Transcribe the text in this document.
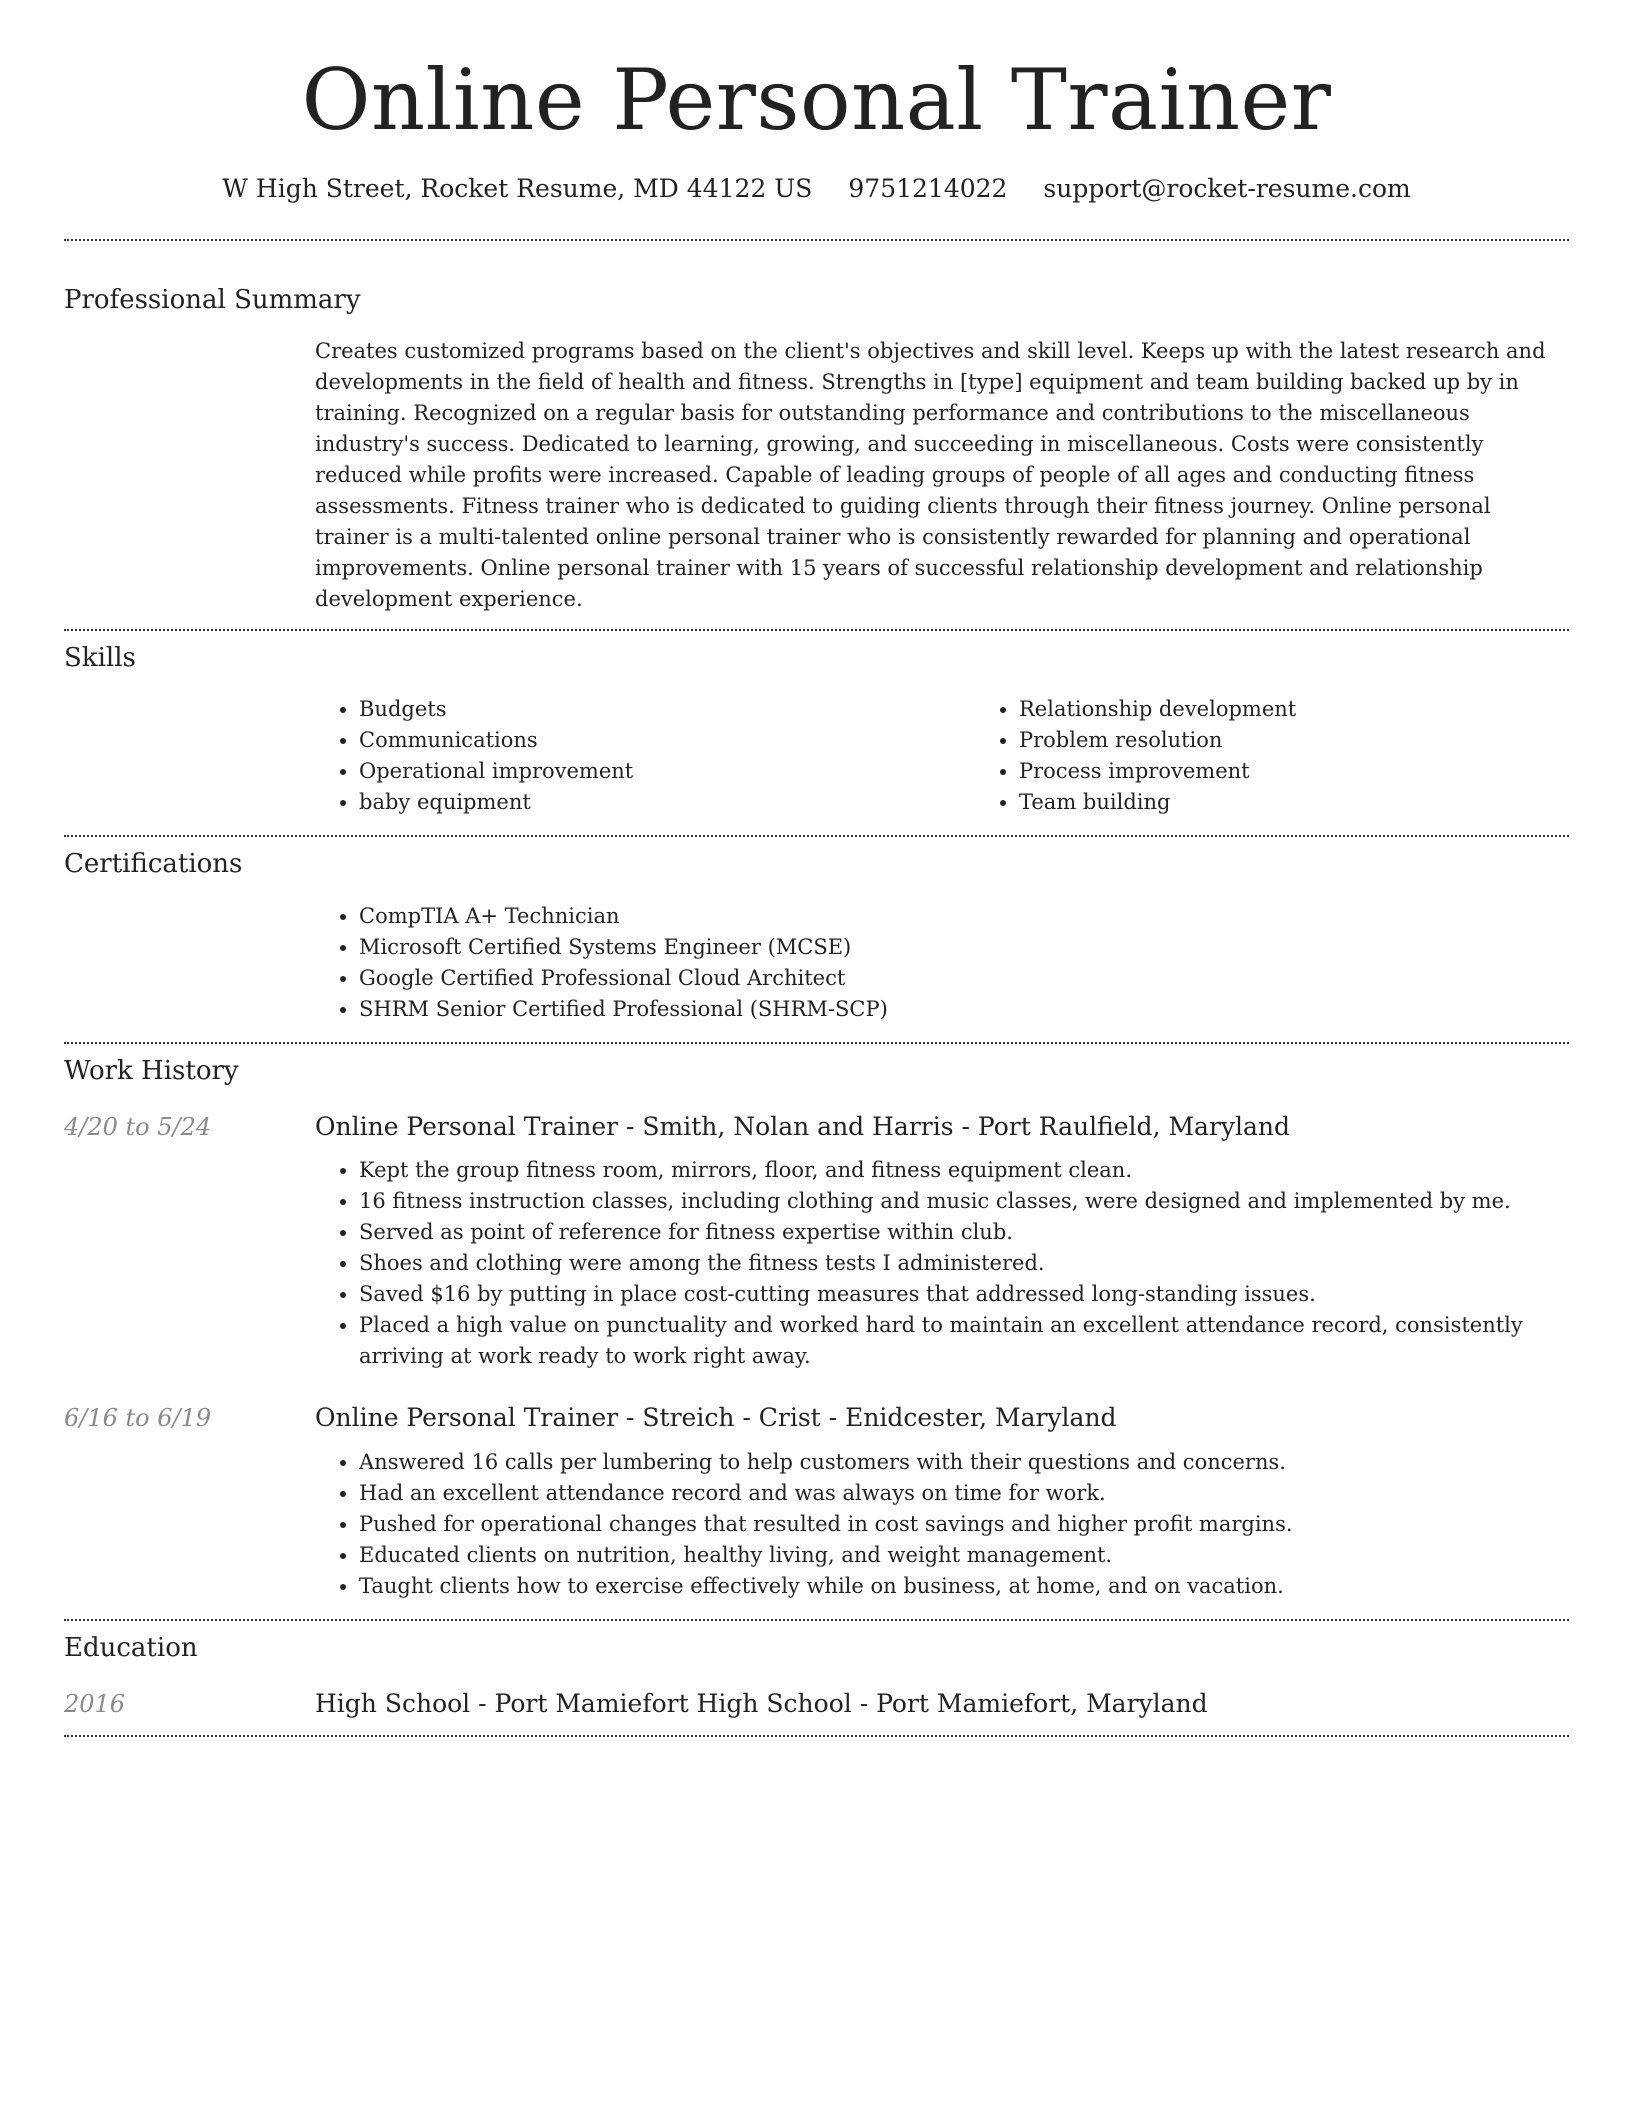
Online Personal Trainer
W High Street, Rocket Resume, MD 44122 US 9751214022 support@rocket-resume.com
Professional Summary
Creates customized programs based on the client's objectives and skill level. Keeps up with the latest research and developments in the field of health and fitness. Strengths in [type] equipment and team building backed up by in training. Recognized on a regular basis for outstanding performance and contributions to the miscellaneous industry's success. Dedicated to learning, growing, and succeeding in miscellaneous. Costs were consistently reduced while profits were increased. Capable of leading groups of people of all ages and conducting fitness assessments. Fitness trainer who is dedicated to guiding clients through their fitness journey. Online personal trainer is a multi-talented online personal trainer who is consistently rewarded for planning and operational improvements. Online personal trainer with 15 years of successful relationship development and relationship development experience.
Skills
• Budgets
• Communications
• Operational improvement
• baby equipment
• Relationship development
• Problem resolution
• Process improvement
• Team building
Certifications
• CompTIA A+ Technician
• Microsoft Certified Systems Engineer (MCSE)
• Google Certified Professional Cloud Architect
• SHRM Senior Certified Professional (SHRM-SCP)
Work History
4/20 to 5/24	Online Personal Trainer - Smith, Nolan and Harris - Port Raulfield, Maryland
• Kept the group fitness room, mirrors, floor, and fitness equipment clean.
• 16 fitness instruction classes, including clothing and music classes, were designed and implemented by me.
• Served as point of reference for fitness expertise within club.
• Shoes and clothing were among the fitness tests I administered.
• Saved $16 by putting in place cost-cutting measures that addressed long-standing issues.
• Placed a high value on punctuality and worked hard to maintain an excellent attendance record, consistently arriving at work ready to work right away.
6/16 to 6/19	Online Personal Trainer - Streich - Crist - Enidcester, Maryland
• Answered 16 calls per lumbering to help customers with their questions and concerns.
• Had an excellent attendance record and was always on time for work.
• Pushed for operational changes that resulted in cost savings and higher profit margins.
• Educated clients on nutrition, healthy living, and weight management.
• Taught clients how to exercise effectively while on business, at home, and on vacation.
Education
2016	High School - Port Mamiefort High School - Port Mamiefort, Maryland
